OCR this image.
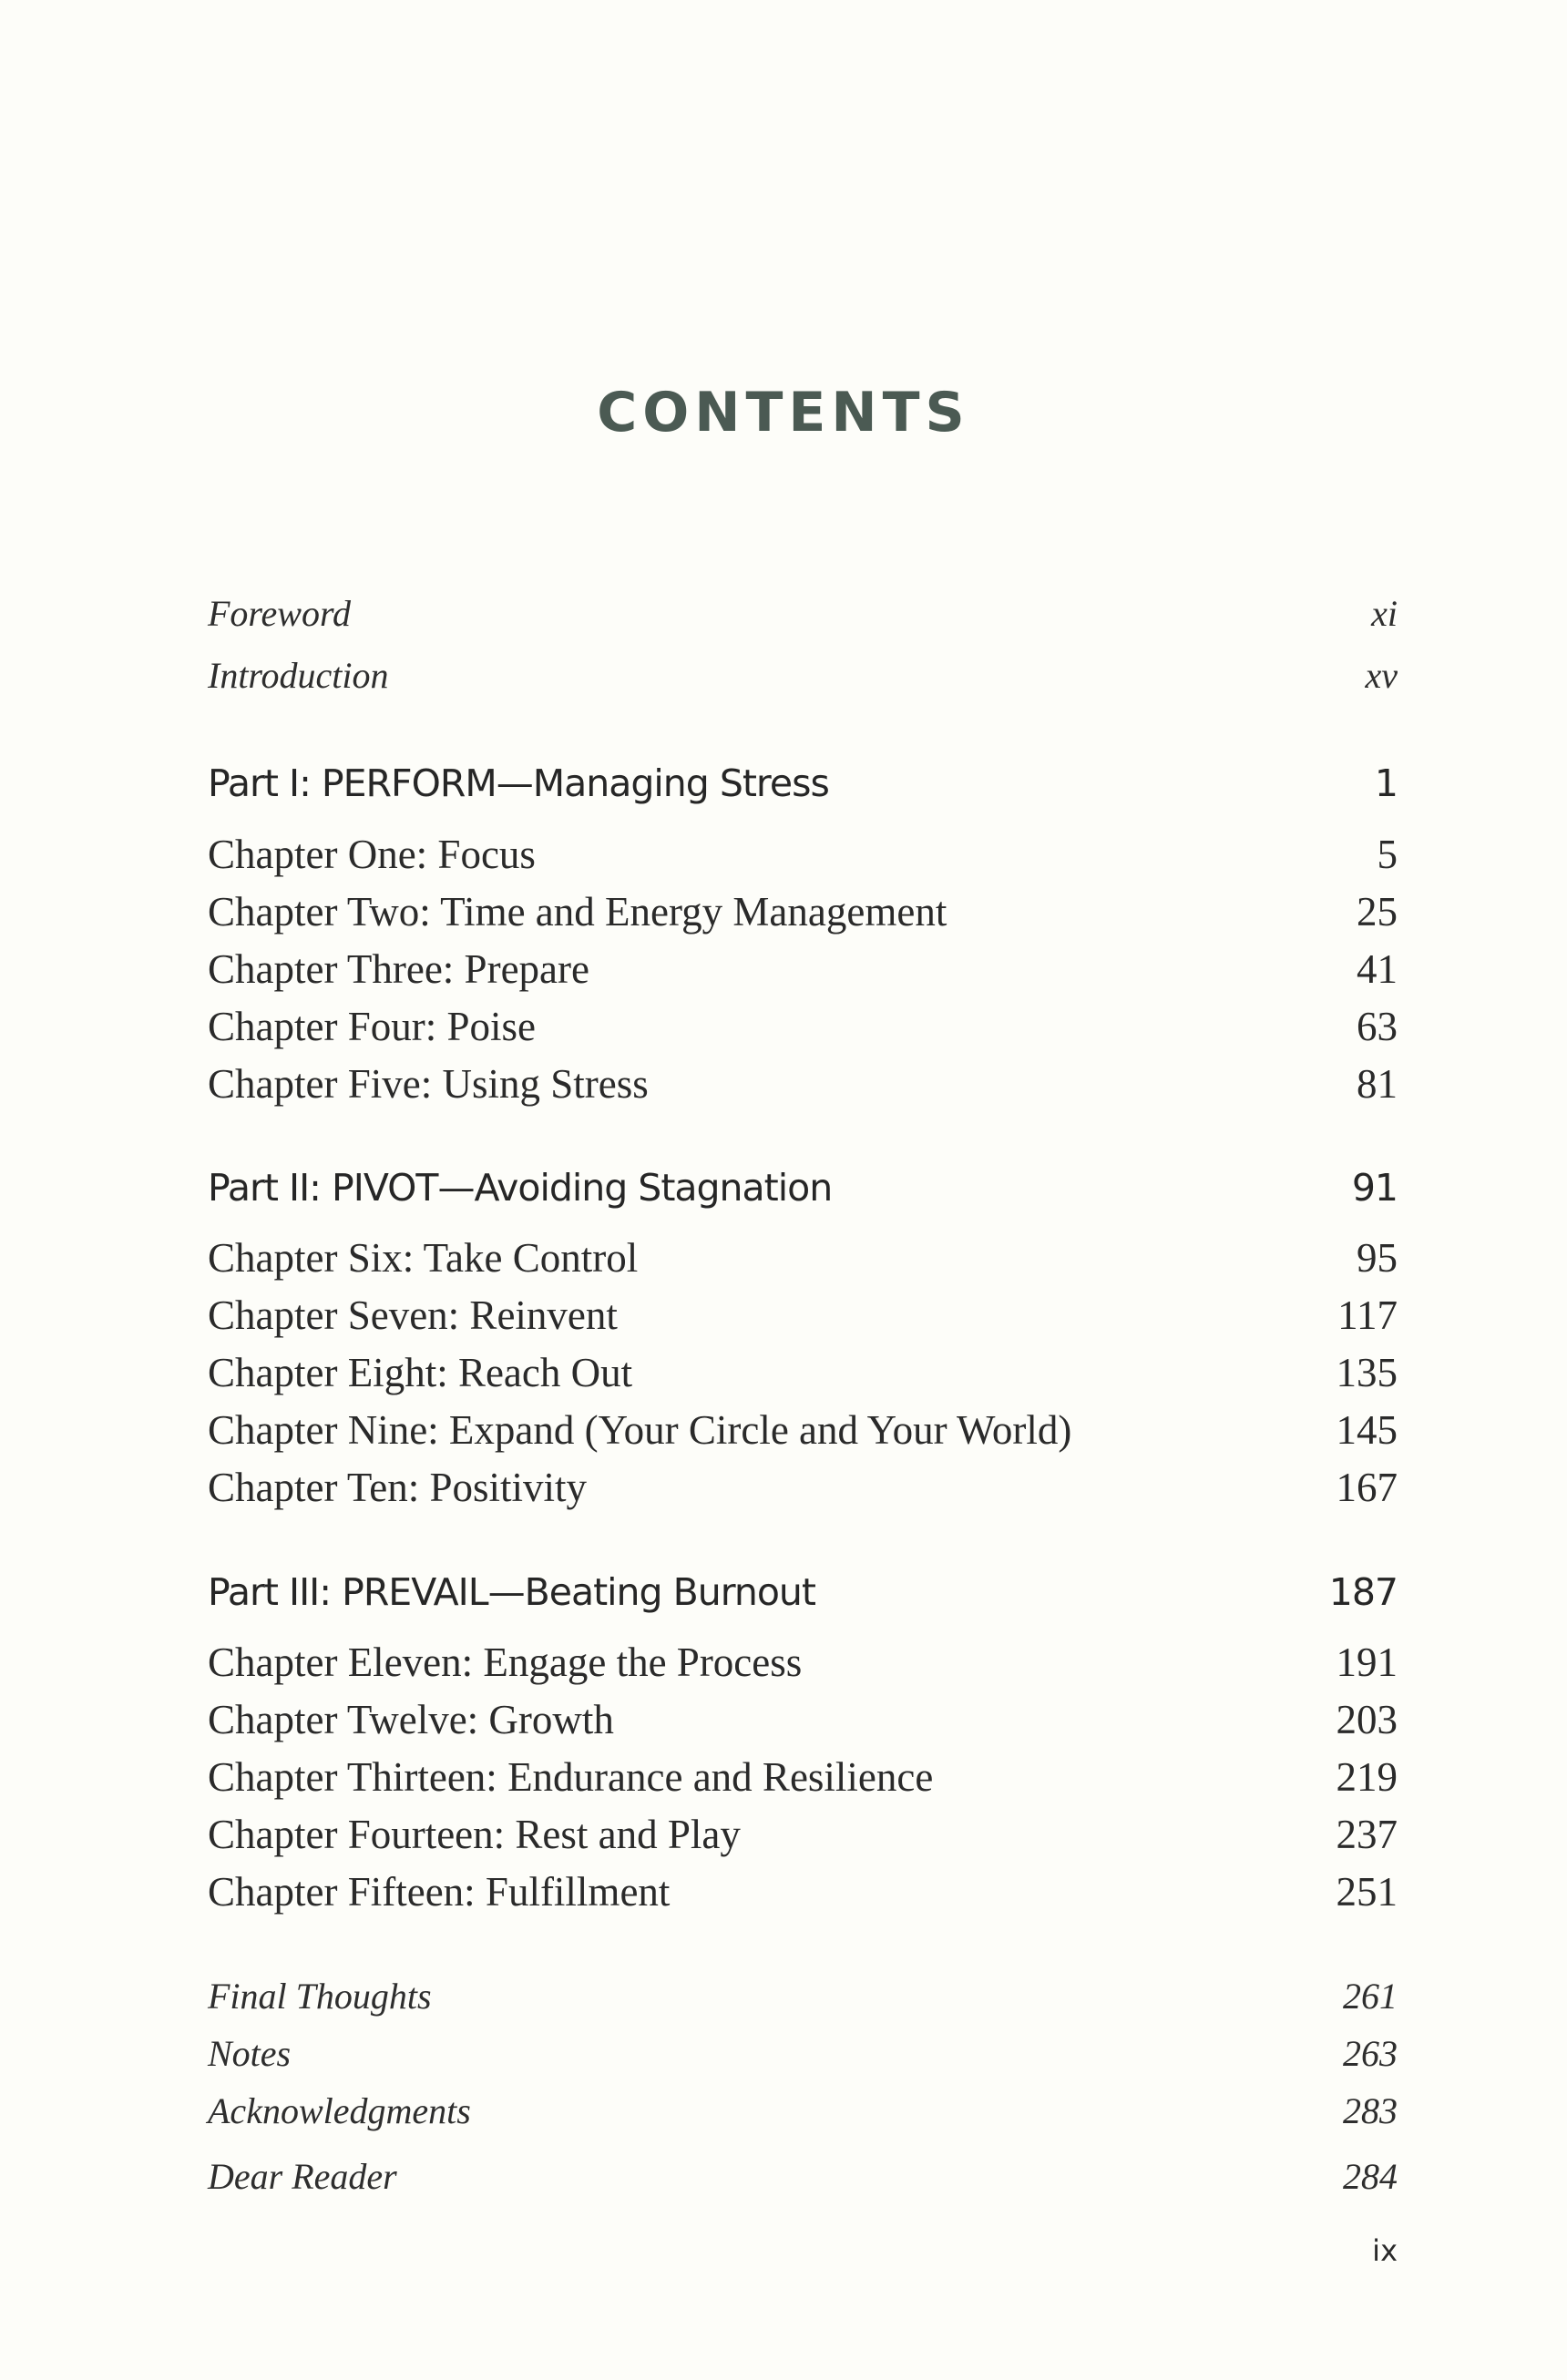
CONTENTS
Foreword	xi
Introduction	xv
Part I: PERFORM—Managing Stress	1
Chapter One: Focus	5
Chapter Two: Time and Energy Management	25
Chapter Three: Prepare	41
Chapter Four: Poise	63
Chapter Five: Using Stress	81
Part II: PIVOT—Avoiding Stagnation	91
Chapter Six: Take Control	95
Chapter Seven: Reinvent	117
Chapter Eight: Reach Out	135
Chapter Nine: Expand (Your Circle and Your World)	145
Chapter Ten: Positivity	167
Part III: PREVAIL—Beating Burnout	187
Chapter Eleven: Engage the Process	191
Chapter Twelve: Growth	203
Chapter Thirteen: Endurance and Resilience	219
Chapter Fourteen: Rest and Play	237
Chapter Fifteen: Fulfillment	251
Final Thoughts	261
Notes	263
Acknowledgments	283
Dear Reader	284
ix
